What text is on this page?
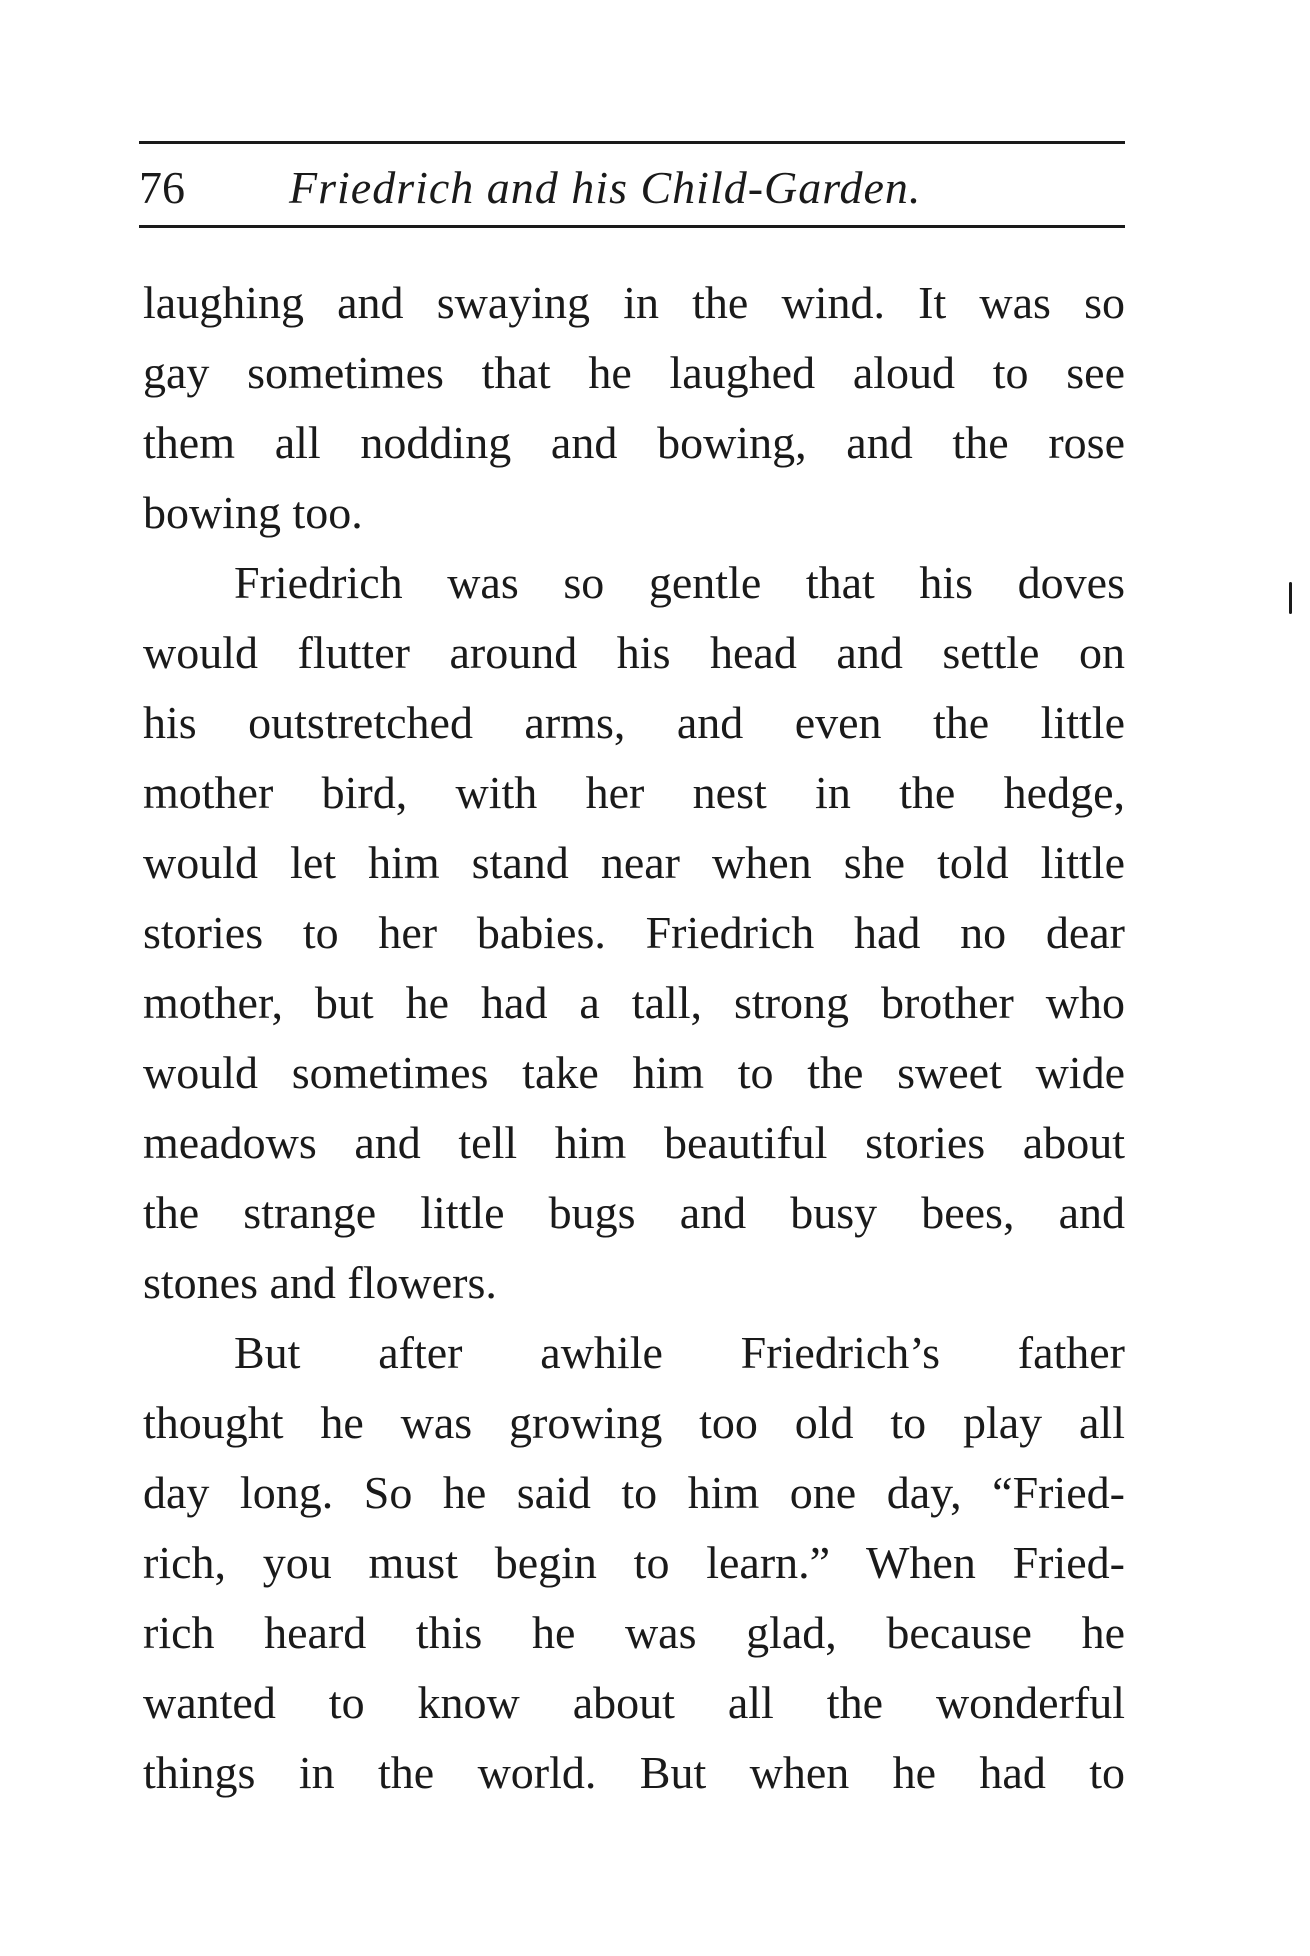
76 Friedrich and his Child-Garden.
laughing and swaying in the wind. It was so
gay sometimes that he laughed aloud to see
them all nodding and bowing, and the rose
bowing too.
Friedrich was so gentle that his doves
would flutter around his head and settle on
his outstretched arms, and even the little
mother bird, with her nest in the hedge,
would let him stand near when she told little
stories to her babies. Friedrich had no dear
mother, but he had a tall, strong brother who
would sometimes take him to the sweet wide
meadows and tell him beautiful stories about
the strange little bugs and busy bees, and
stones and flowers.
But after awhile Friedrich’s father
thought he was growing too old to play all
day long. So he said to him one day, “Fried-
rich, you must begin to learn.” When Fried-
rich heard this he was glad, because he
wanted to know about all the wonderful
things in the world. But when he had to
